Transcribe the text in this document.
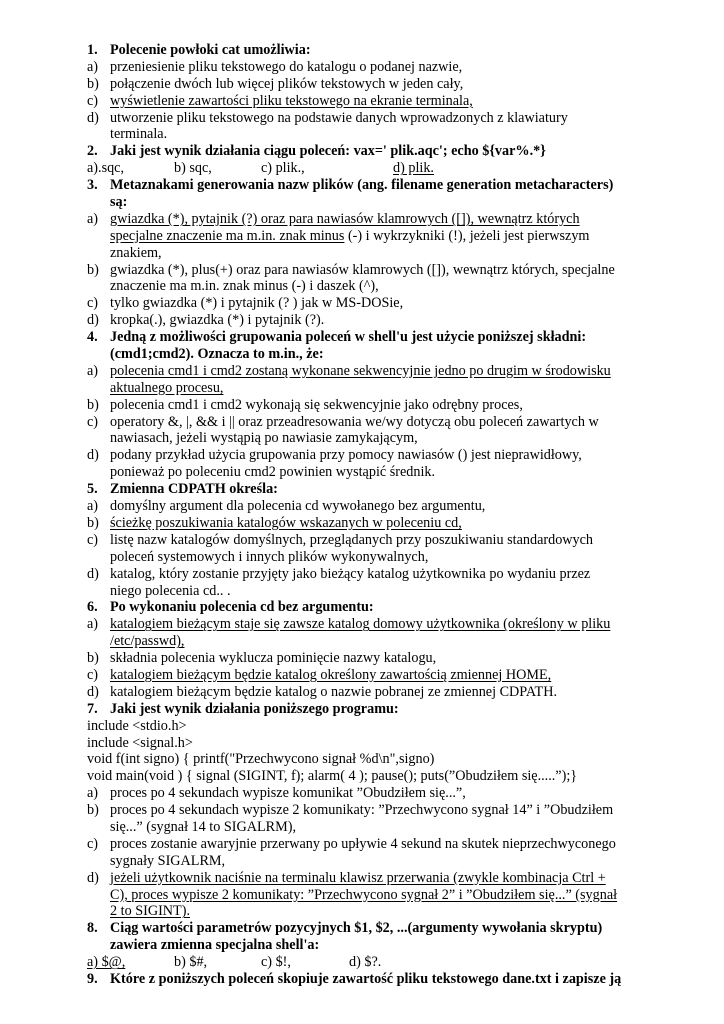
1. Polecenie powłoki cat umożliwia:
a) przeniesienie pliku tekstowego do katalogu o podanej nazwie,
b) połączenie dwóch lub więcej plików tekstowych w jeden cały,
c) wyświetlenie zawartości pliku tekstowego na ekranie terminala,
d) utworzenie pliku tekstowego na podstawie danych wprowadzonych z klawiatury
terminala.
2. Jaki jest wynik działania ciągu poleceń: vax=' plik.aqc'; echo ${var%.*}
a).sqc,	b) sqc,	c) plik.,	d) plik.
3. Metaznakami generowania nazw plików (ang. filename generation metacharacters)
są:
a) gwiazdka (*), pytajnik (?) oraz para nawiasów klamrowych ([]), wewnątrz których
specjalne znaczenie ma m.in. znak minus (-) i wykrzykniki (!), jeżeli jest pierwszym
znakiem,
b) gwiazdka (*), plus(+) oraz para nawiasów klamrowych ([]), wewnątrz których, specjalne
znaczenie ma m.in. znak minus (-) i daszek (^),
c) tylko gwiazdka (*) i pytajnik (? ) jak w MS-DOSie,
d) kropka(.), gwiazdka (*) i pytajnik (?).
4. Jedną z możliwości grupowania poleceń w shell'u jest użycie poniższej składni:
(cmd1;cmd2). Oznacza to m.in., że:
a) polecenia cmd1 i cmd2 zostaną wykonane sekwencyjnie jedno po drugim w środowisku
aktualnego procesu,
b) polecenia cmd1 i cmd2 wykonają się sekwencyjnie jako odrębny proces,
c) operatory &, |, && i || oraz przeadresowania we/wy dotyczą obu poleceń zawartych w
nawiasach, jeżeli wystąpią po nawiasie zamykającym,
d) podany przykład użycia grupowania przy pomocy nawiasów () jest nieprawidłowy,
ponieważ po poleceniu cmd2 powinien wystąpić średnik.
5. Zmienna CDPATH określa:
a) domyślny argument dla polecenia cd wywołanego bez argumentu,
b) ścieżkę poszukiwania katalogów wskazanych w poleceniu cd,
c) listę nazw katalogów domyślnych, przeglądanych przy poszukiwaniu standardowych
poleceń systemowych i innych plików wykonywalnych,
d) katalog, który zostanie przyjęty jako bieżący katalog użytkownika po wydaniu przez
niego polecenia cd.. .
6. Po wykonaniu polecenia cd bez argumentu:
a) katalogiem bieżącym staje się zawsze katalog domowy użytkownika (określony w pliku
/etc/passwd),
b) składnia polecenia wyklucza pominięcie nazwy katalogu,
c) katalogiem bieżącym będzie katalog określony zawartością zmiennej HOME,
d) katalogiem bieżącym będzie katalog o nazwie pobranej ze zmiennej CDPATH.
7. Jaki jest wynik działania poniższego programu:
include <stdio.h>
include <signal.h>
void f(int signo) { printf("Przechwycono signał %d\n",signo)
void main(void ) { signal (SIGINT, f); alarm( 4 ); pause(); puts(”Obudziłem się.....”);}
a) proces po 4 sekundach wypisze komunikat ”Obudziłem się...”,
b) proces po 4 sekundach wypisze 2 komunikaty: ”Przechwycono sygnał 14” i ”Obudziłem
się...” (sygnał 14 to SIGALRM),
c) proces zostanie awaryjnie przerwany po upływie 4 sekund na skutek nieprzechwyconego
sygnały SIGALRM,
d) jeżeli użytkownik naciśnie na terminalu klawisz przerwania (zwykle kombinacja Ctrl +
C), proces wypisze 2 komunikaty: ”Przechwycono sygnał 2” i ”Obudziłem się...” (sygnał
2 to SIGINT).
8. Ciąg wartości parametrów pozycyjnych $1, $2, ...(argumenty wywołania skryptu)
zawiera zmienna specjalna shell'a:
a) $@,	b) $#,	c) $!,	d) $?.
9. Które z poniższych poleceń skopiuje zawartość pliku tekstowego dane.txt i zapisze ją
